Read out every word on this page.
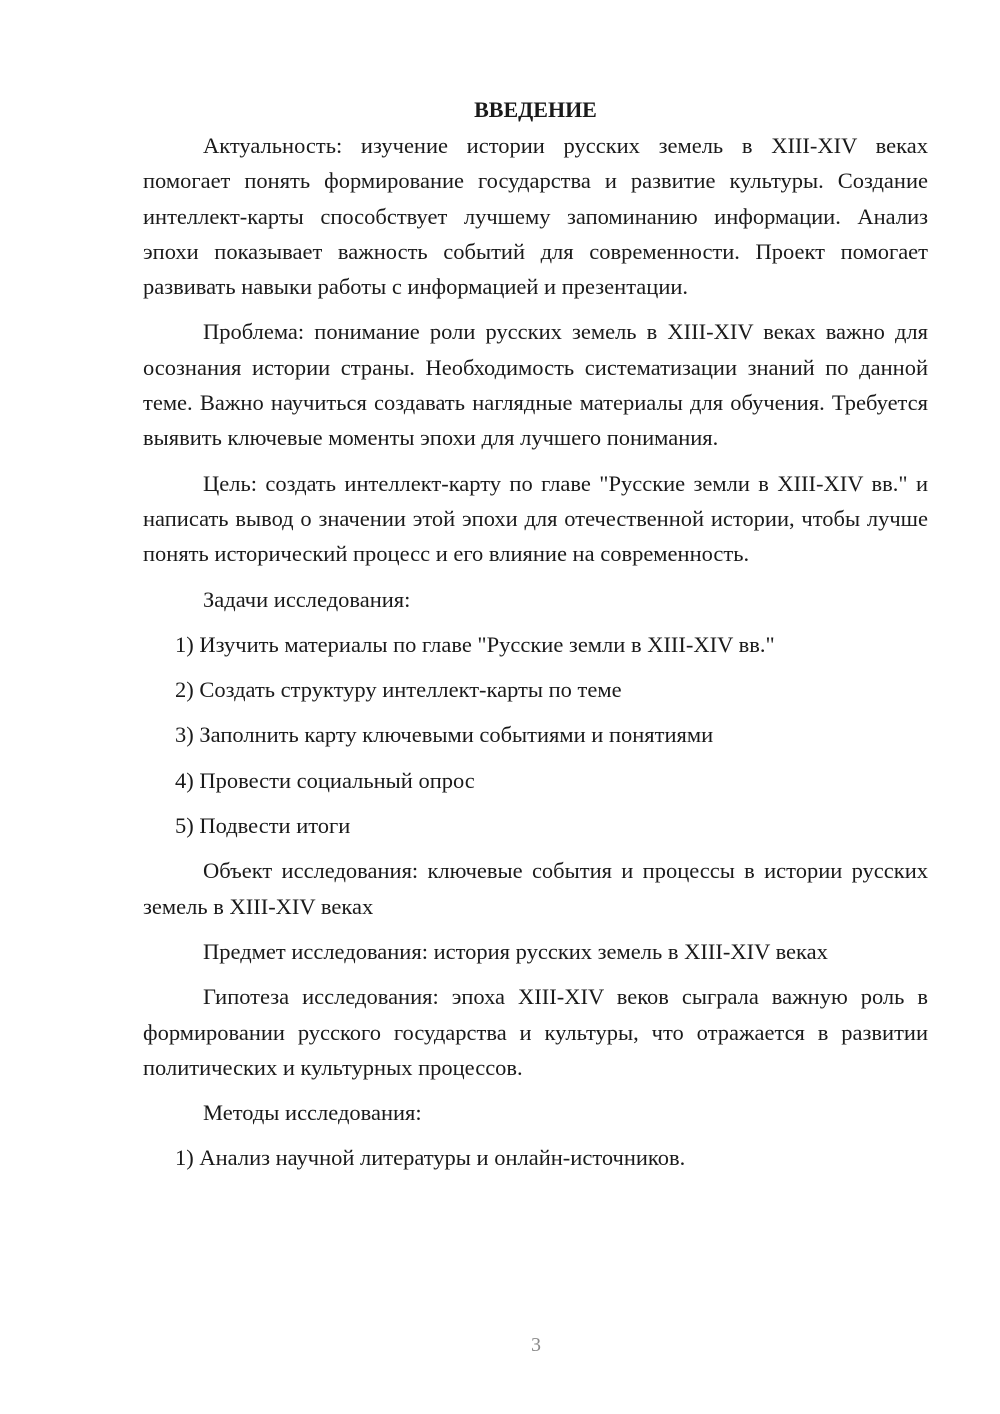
ВВЕДЕНИЕ

Актуальность: изучение истории русских земель в XIII-XIV веках помогает понять формирование государства и развитие культуры. Создание интеллект-карты способствует лучшему запоминанию информации. Анализ эпохи показывает важность событий для современности. Проект помогает развивать навыки работы с информацией и презентации.

Проблема: понимание роли русских земель в XIII-XIV веках важно для осознания истории страны. Необходимость систематизации знаний по данной теме. Важно научиться создавать наглядные материалы для обучения. Требуется выявить ключевые моменты эпохи для лучшего понимания.

Цель: создать интеллект-карту по главе "Русские земли в XIII-XIV вв." и написать вывод о значении этой эпохи для отечественной истории, чтобы лучше понять исторический процесс и его влияние на современность.

Задачи исследования:

1) Изучить материалы по главе "Русские земли в XIII-XIV вв."

2) Создать структуру интеллект-карты по теме

3) Заполнить карту ключевыми событиями и понятиями

4) Провести социальный опрос

5) Подвести итоги

Объект исследования: ключевые события и процессы в истории русских земель в XIII-XIV веках

Предмет исследования: история русских земель в XIII-XIV веках

Гипотеза исследования: эпоха XIII-XIV веков сыграла важную роль в формировании русского государства и культуры, что отражается в развитии политических и культурных процессов.

Методы исследования:

1) Анализ научной литературы и онлайн-источников.

3
